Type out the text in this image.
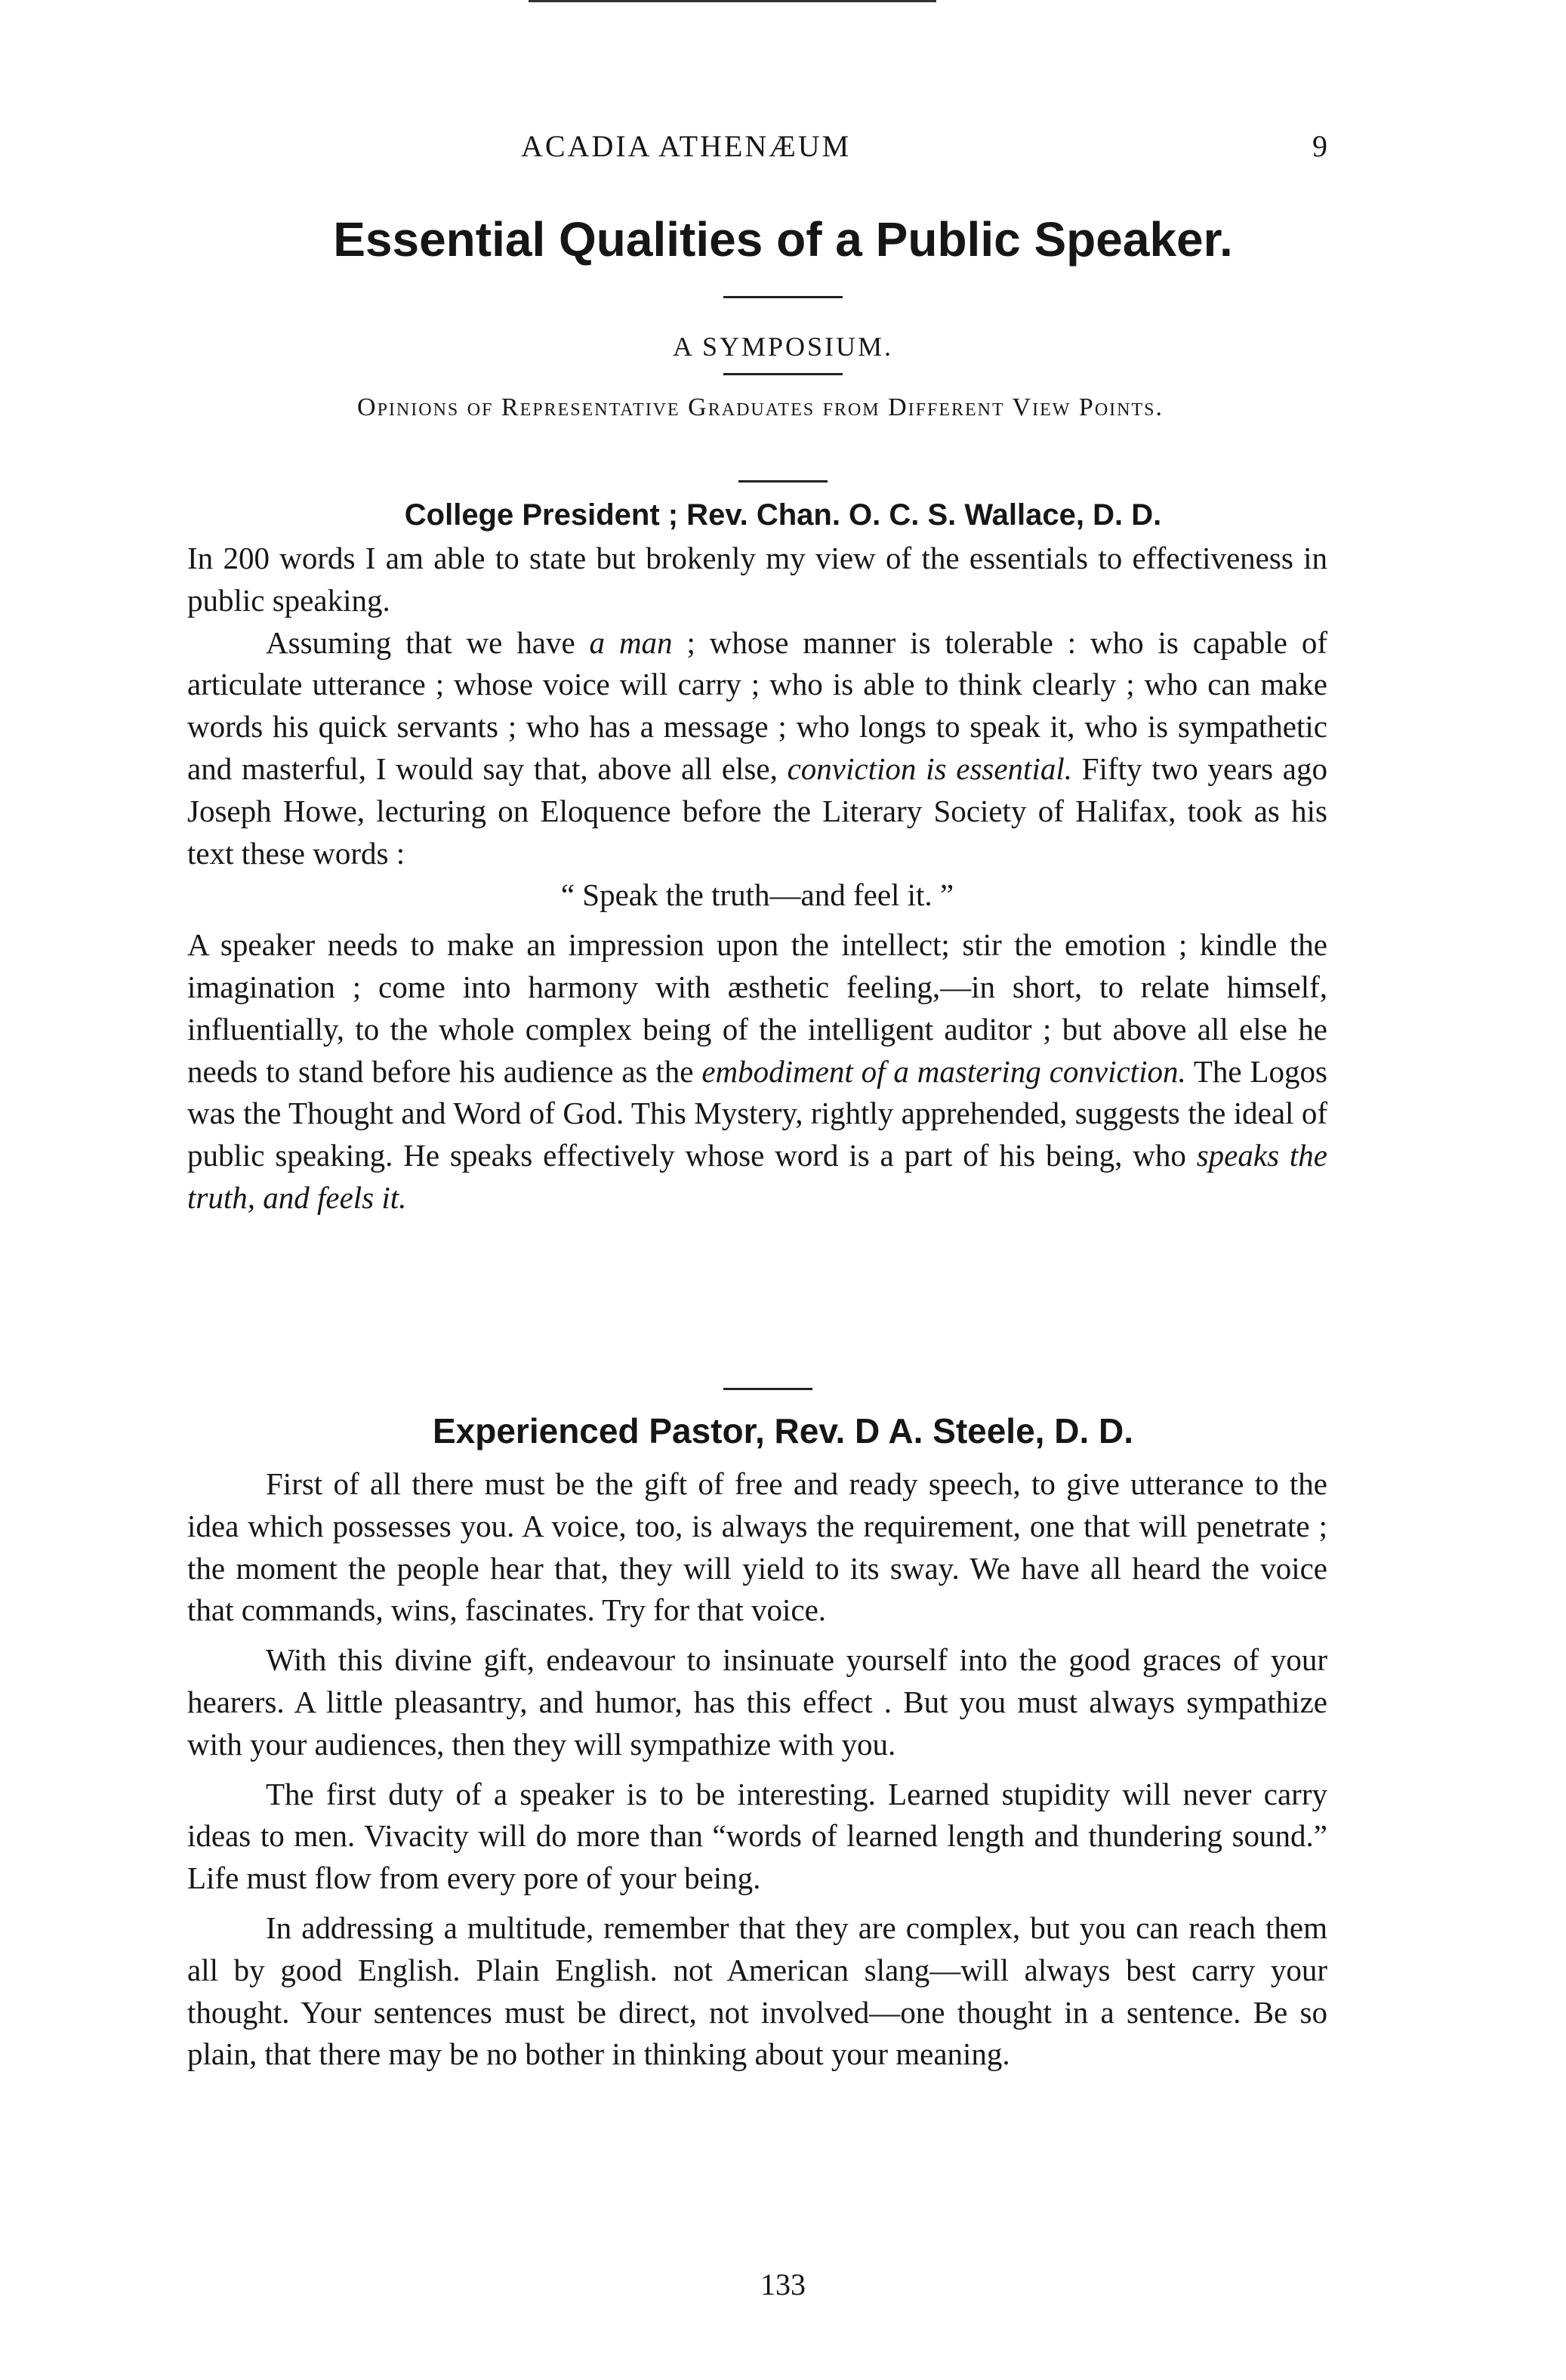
ACADIA ATHENÆUM	9
Essential Qualities of a Public Speaker.
A SYMPOSIUM.
Opinions of Representative Graduates from Different View Points.
College President ; Rev. Chan. O. C. S. Wallace, D. D.

In 200 words I am able to state but brokenly my view of the essentials to effectiveness in public speaking.

Assuming that we have a man ; whose manner is tolerable : who is capable of articulate utterance ; whose voice will carry ; who is able to think clearly ; who can make words his quick servants ; who has a message ; who longs to speak it, who is sympathetic and masterful, I would say that, above all else, conviction is essential. Fifty two years ago Joseph Howe, lecturing on Eloquence before the Literary Society of Halifax, took as his text these words :

“ Speak the truth—and feel it. ”

A speaker needs to make an impression upon the intellect; stir the emotion ; kindle the imagination ; come into harmony with æsthetic feeling,—in short, to relate himself, influentially, to the whole complex being of the intelligent auditor ; but above all else he needs to stand before his audience as the embodiment of a mastering conviction. The Logos was the Thought and Word of God. This Mystery, rightly apprehended, suggests the ideal of public speaking. He speaks effectively whose word is a part of his being, who speaks the truth, and feels it.

Experienced Pastor, Rev. D A. Steele, D. D.

First of all there must be the gift of free and ready speech, to give utterance to the idea which possesses you. A voice, too, is always the requirement, one that will penetrate ; the moment the people hear that, they will yield to its sway. We have all heard the voice that commands, wins, fascinates. Try for that voice.

With this divine gift, endeavour to insinuate yourself into the good graces of your hearers. A little pleasantry, and humor, has this effect . But you must always sympathize with your audiences, then they will sympathize with you.

The first duty of a speaker is to be interesting. Learned stupidity will never carry ideas to men. Vivacity will do more than “words of learned length and thundering sound.” Life must flow from every pore of your being.

In addressing a multitude, remember that they are complex, but you can reach them all by good English. Plain English. not American slang—will always best carry your thought. Your sentences must be direct, not involved—one thought in a sentence. Be so plain, that there may be no bother in thinking about your meaning.

133
